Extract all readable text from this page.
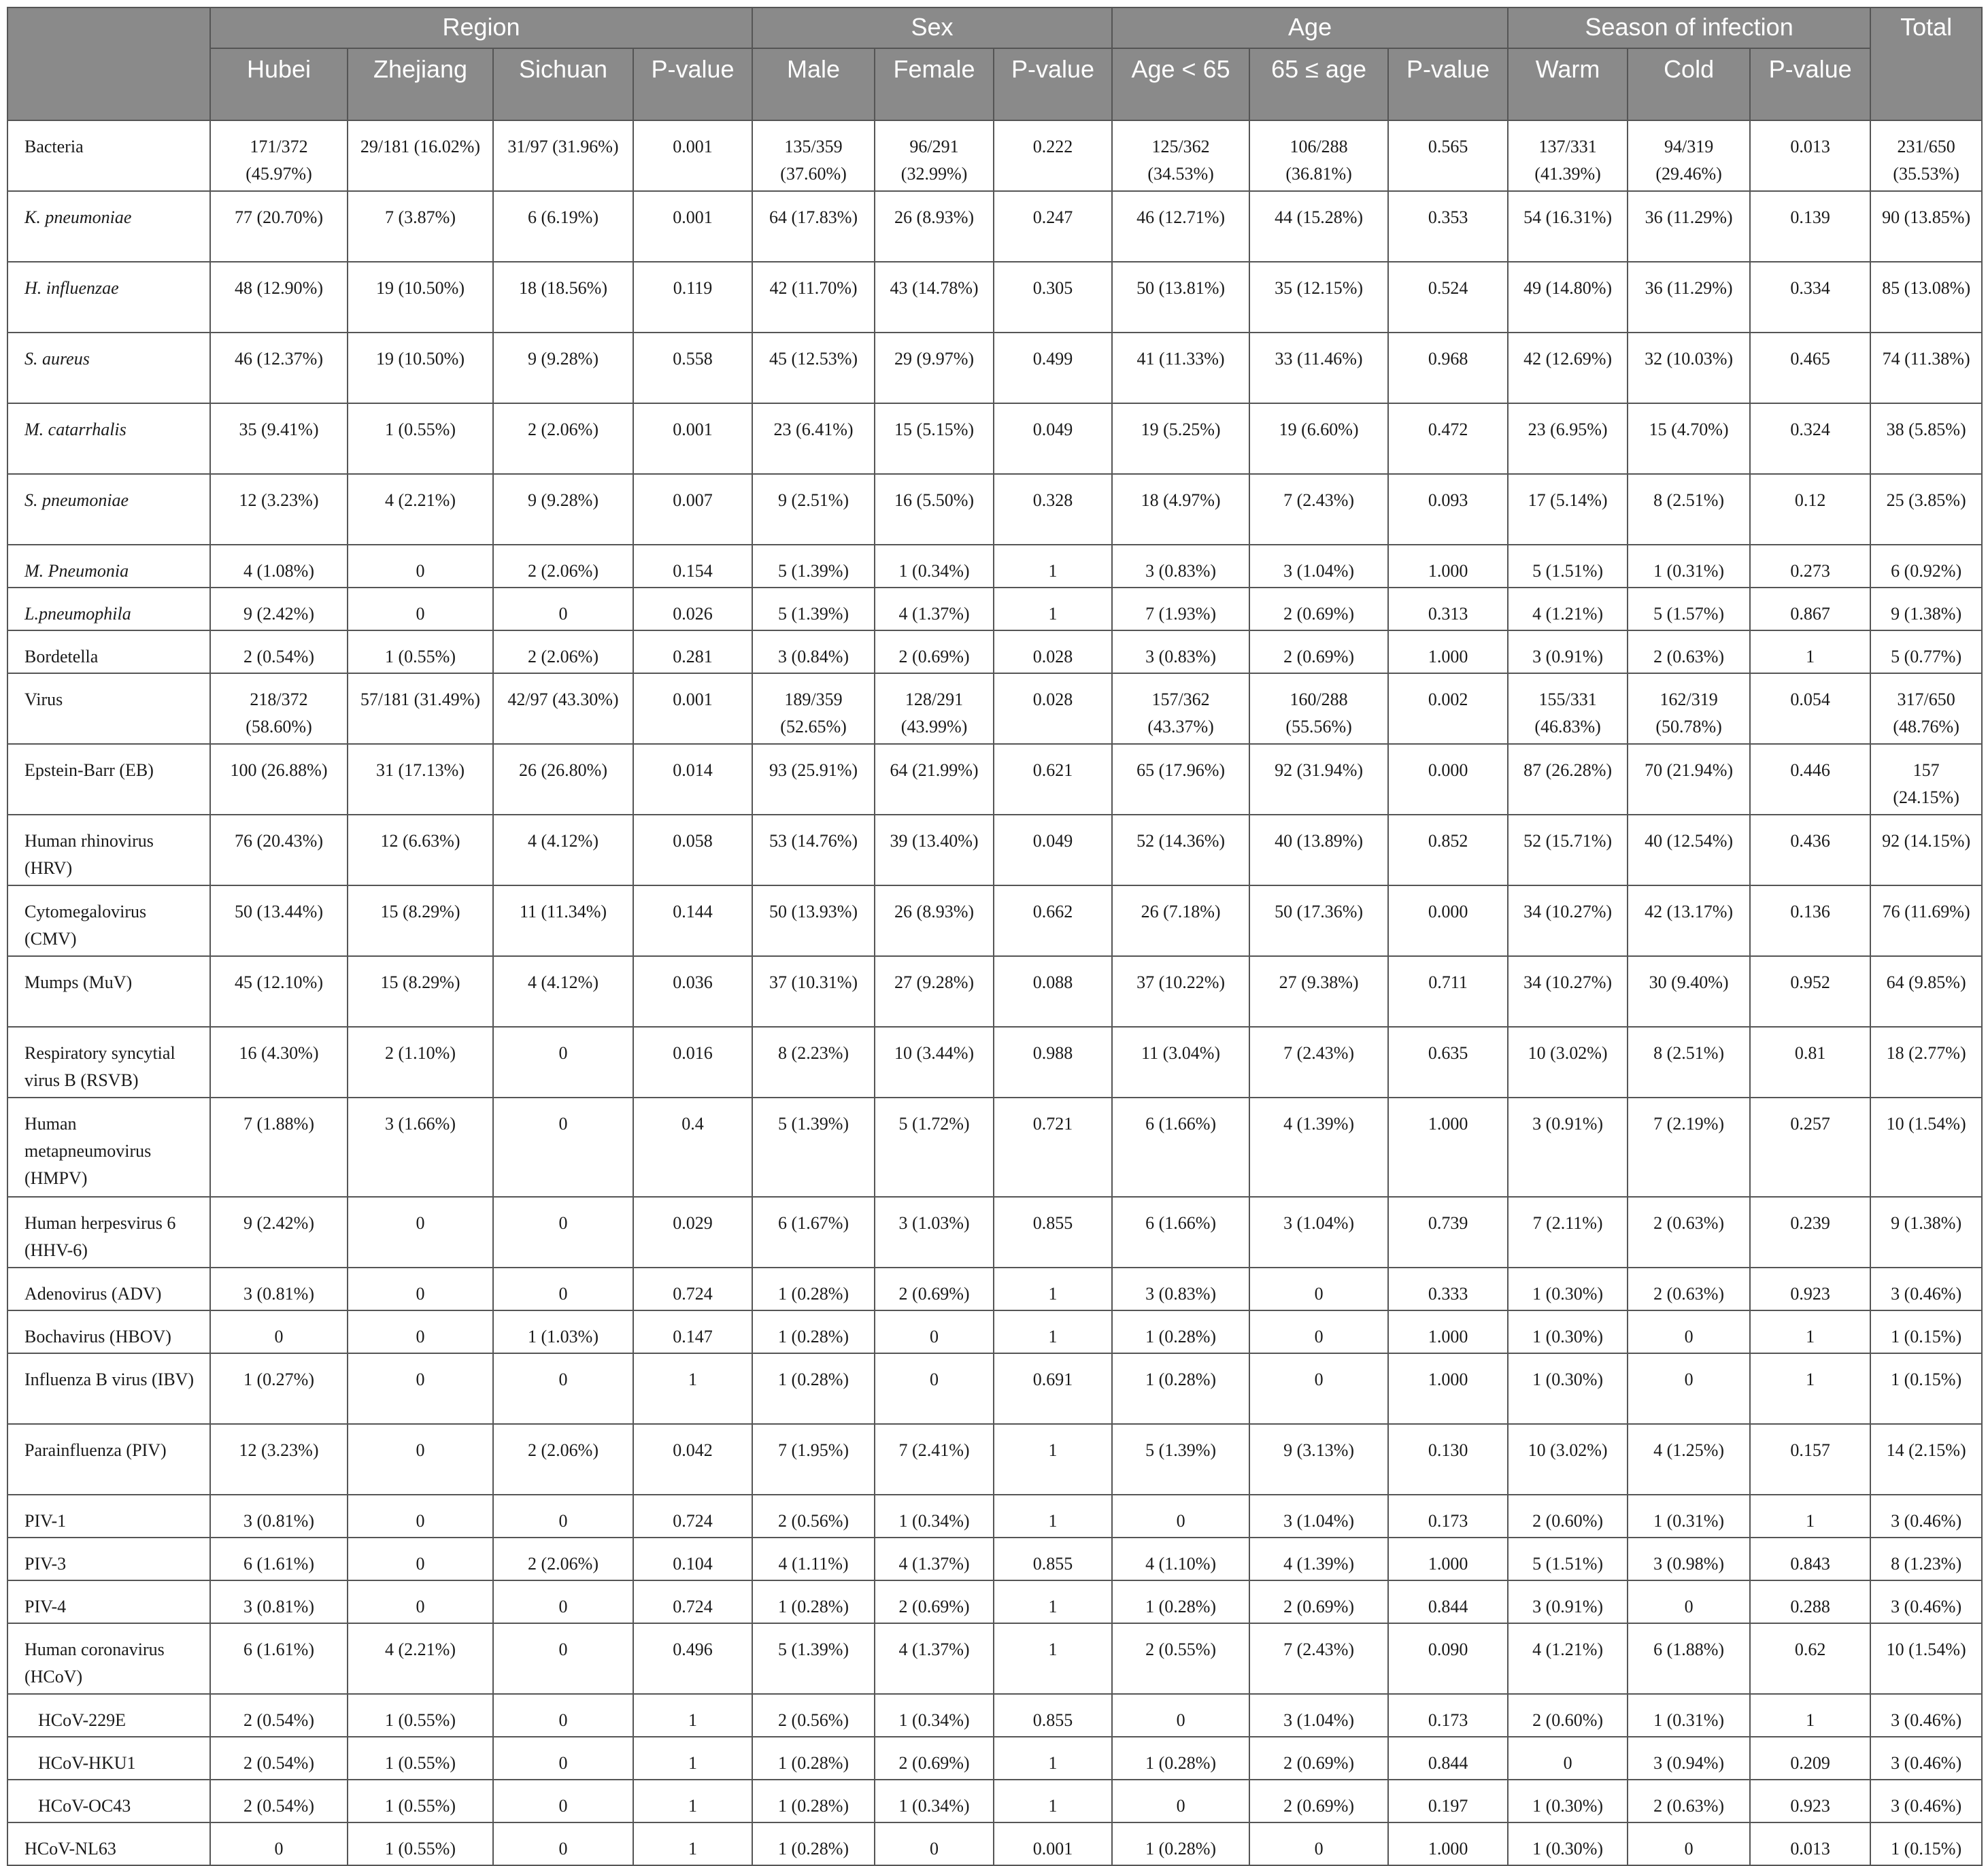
	Region				Sex			Age			Season of infection			Total
	Hubei	Zhejiang	Sichuan	P-value	Male	Female	P-value	Age < 65	65 ≤ age	P-value	Warm	Cold	P-value	
Bacteria	171/372 (45.97%)	29/181 (16.02%)	31/97 (31.96%)	0.001	135/359 (37.60%)	96/291 (32.99%)	0.222	125/362 (34.53%)	106/288 (36.81%)	0.565	137/331 (41.39%)	94/319 (29.46%)	0.013	231/650 (35.53%)
K. pneumoniae	77 (20.70%)	7 (3.87%)	6 (6.19%)	0.001	64 (17.83%)	26 (8.93%)	0.247	46 (12.71%)	44 (15.28%)	0.353	54 (16.31%)	36 (11.29%)	0.139	90 (13.85%)
H. influenzae	48 (12.90%)	19 (10.50%)	18 (18.56%)	0.119	42 (11.70%)	43 (14.78%)	0.305	50 (13.81%)	35 (12.15%)	0.524	49 (14.80%)	36 (11.29%)	0.334	85 (13.08%)
S. aureus	46 (12.37%)	19 (10.50%)	9 (9.28%)	0.558	45 (12.53%)	29 (9.97%)	0.499	41 (11.33%)	33 (11.46%)	0.968	42 (12.69%)	32 (10.03%)	0.465	74 (11.38%)
M. catarrhalis	35 (9.41%)	1 (0.55%)	2 (2.06%)	0.001	23 (6.41%)	15 (5.15%)	0.049	19 (5.25%)	19 (6.60%)	0.472	23 (6.95%)	15 (4.70%)	0.324	38 (5.85%)
S. pneumoniae	12 (3.23%)	4 (2.21%)	9 (9.28%)	0.007	9 (2.51%)	16 (5.50%)	0.328	18 (4.97%)	7 (2.43%)	0.093	17 (5.14%)	8 (2.51%)	0.12	25 (3.85%)
M. Pneumonia	4 (1.08%)	0	2 (2.06%)	0.154	5 (1.39%)	1 (0.34%)	1	3 (0.83%)	3 (1.04%)	1.000	5 (1.51%)	1 (0.31%)	0.273	6 (0.92%)
L.pneumophila	9 (2.42%)	0	0	0.026	5 (1.39%)	4 (1.37%)	1	7 (1.93%)	2 (0.69%)	0.313	4 (1.21%)	5 (1.57%)	0.867	9 (1.38%)
Bordetella	2 (0.54%)	1 (0.55%)	2 (2.06%)	0.281	3 (0.84%)	2 (0.69%)	0.028	3 (0.83%)	2 (0.69%)	1.000	3 (0.91%)	2 (0.63%)	1	5 (0.77%)
Virus	218/372 (58.60%)	57/181 (31.49%)	42/97 (43.30%)	0.001	189/359 (52.65%)	128/291 (43.99%)	0.028	157/362 (43.37%)	160/288 (55.56%)	0.002	155/331 (46.83%)	162/319 (50.78%)	0.054	317/650 (48.76%)
Epstein-Barr (EB)	100 (26.88%)	31 (17.13%)	26 (26.80%)	0.014	93 (25.91%)	64 (21.99%)	0.621	65 (17.96%)	92 (31.94%)	0.000	87 (26.28%)	70 (21.94%)	0.446	157 (24.15%)
Human rhinovirus (HRV)	76 (20.43%)	12 (6.63%)	4 (4.12%)	0.058	53 (14.76%)	39 (13.40%)	0.049	52 (14.36%)	40 (13.89%)	0.852	52 (15.71%)	40 (12.54%)	0.436	92 (14.15%)
Cytomegalovirus (CMV)	50 (13.44%)	15 (8.29%)	11 (11.34%)	0.144	50 (13.93%)	26 (8.93%)	0.662	26 (7.18%)	50 (17.36%)	0.000	34 (10.27%)	42 (13.17%)	0.136	76 (11.69%)
Mumps (MuV)	45 (12.10%)	15 (8.29%)	4 (4.12%)	0.036	37 (10.31%)	27 (9.28%)	0.088	37 (10.22%)	27 (9.38%)	0.711	34 (10.27%)	30 (9.40%)	0.952	64 (9.85%)
Respiratory syncytial virus B (RSVB)	16 (4.30%)	2 (1.10%)	0	0.016	8 (2.23%)	10 (3.44%)	0.988	11 (3.04%)	7 (2.43%)	0.635	10 (3.02%)	8 (2.51%)	0.81	18 (2.77%)
Human metapneumovirus (HMPV)	7 (1.88%)	3 (1.66%)	0	0.4	5 (1.39%)	5 (1.72%)	0.721	6 (1.66%)	4 (1.39%)	1.000	3 (0.91%)	7 (2.19%)	0.257	10 (1.54%)
Human herpesvirus 6 (HHV-6)	9 (2.42%)	0	0	0.029	6 (1.67%)	3 (1.03%)	0.855	6 (1.66%)	3 (1.04%)	0.739	7 (2.11%)	2 (0.63%)	0.239	9 (1.38%)
Adenovirus (ADV)	3 (0.81%)	0	0	0.724	1 (0.28%)	2 (0.69%)	1	3 (0.83%)	0	0.333	1 (0.30%)	2 (0.63%)	0.923	3 (0.46%)
Bochavirus (HBOV)	0	0	1 (1.03%)	0.147	1 (0.28%)	0	1	1 (0.28%)	0	1.000	1 (0.30%)	0	1	1 (0.15%)
Influenza B virus (IBV)	1 (0.27%)	0	0	1	1 (0.28%)	0	0.691	1 (0.28%)	0	1.000	1 (0.30%)	0	1	1 (0.15%)
Parainfluenza (PIV)	12 (3.23%)	0	2 (2.06%)	0.042	7 (1.95%)	7 (2.41%)	1	5 (1.39%)	9 (3.13%)	0.130	10 (3.02%)	4 (1.25%)	0.157	14 (2.15%)
PIV-1	3 (0.81%)	0	0	0.724	2 (0.56%)	1 (0.34%)	1	0	3 (1.04%)	0.173	2 (0.60%)	1 (0.31%)	1	3 (0.46%)
PIV-3	6 (1.61%)	0	2 (2.06%)	0.104	4 (1.11%)	4 (1.37%)	0.855	4 (1.10%)	4 (1.39%)	1.000	5 (1.51%)	3 (0.98%)	0.843	8 (1.23%)
PIV-4	3 (0.81%)	0	0	0.724	1 (0.28%)	2 (0.69%)	1	1 (0.28%)	2 (0.69%)	0.844	3 (0.91%)	0	0.288	3 (0.46%)
Human coronavirus (HCoV)	6 (1.61%)	4 (2.21%)	0	0.496	5 (1.39%)	4 (1.37%)	1	2 (0.55%)	7 (2.43%)	0.090	4 (1.21%)	6 (1.88%)	0.62	10 (1.54%)
HCoV-229E	2 (0.54%)	1 (0.55%)	0	1	2 (0.56%)	1 (0.34%)	0.855	0	3 (1.04%)	0.173	2 (0.60%)	1 (0.31%)	1	3 (0.46%)
HCoV-HKU1	2 (0.54%)	1 (0.55%)	0	1	1 (0.28%)	2 (0.69%)	1	1 (0.28%)	2 (0.69%)	0.844	0	3 (0.94%)	0.209	3 (0.46%)
HCoV-OC43	2 (0.54%)	1 (0.55%)	0	1	1 (0.28%)	1 (0.34%)	1	0	2 (0.69%)	0.197	1 (0.30%)	2 (0.63%)	0.923	3 (0.46%)
HCoV-NL63	0	1 (0.55%)	0	1	1 (0.28%)	0	0.001	1 (0.28%)	0	1.000	1 (0.30%)	0	0.013	1 (0.15%)
